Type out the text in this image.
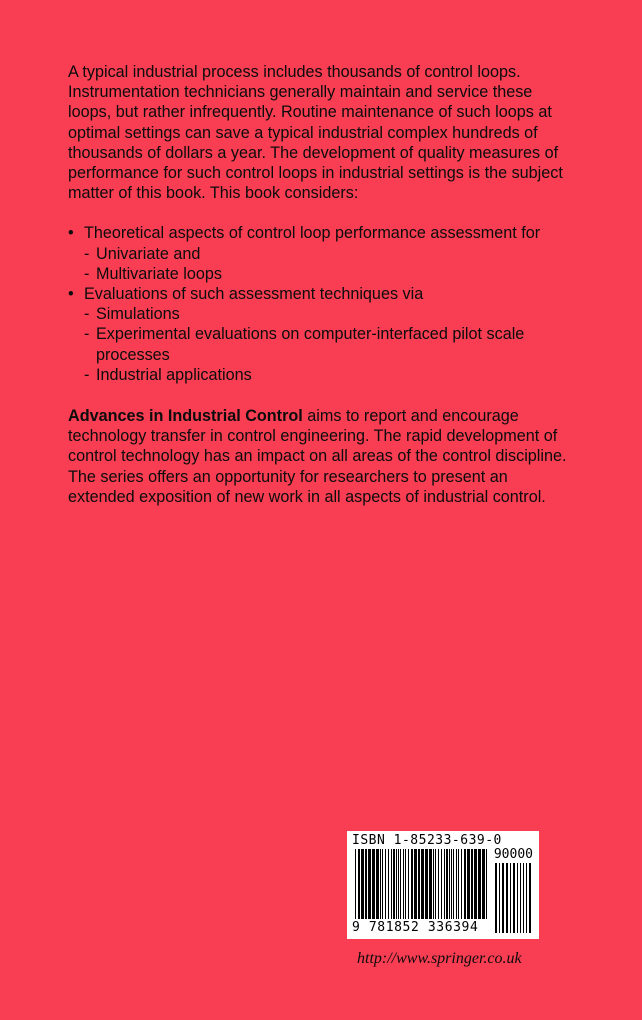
A typical industrial process includes thousands of control loops. Instrumentation technicians generally maintain and service these loops, but rather infrequently. Routine maintenance of such loops at optimal settings can save a typical industrial complex hundreds of thousands of dollars a year. The development of quality measures of performance for such control loops in industrial settings is the subject matter of this book. This book considers:

• Theoretical aspects of control loop performance assessment for
- Univariate and
- Multivariate loops
• Evaluations of such assessment techniques via
- Simulations
- Experimental evaluations on computer-interfaced pilot scale processes
- Industrial applications

Advances in Industrial Control aims to report and encourage technology transfer in control engineering. The rapid development of control technology has an impact on all areas of the control discipline. The series offers an opportunity for researchers to present an extended exposition of new work in all aspects of industrial control.

ISBN 1-85233-639-0
90000
9 781852 336394
http://www.springer.co.uk
